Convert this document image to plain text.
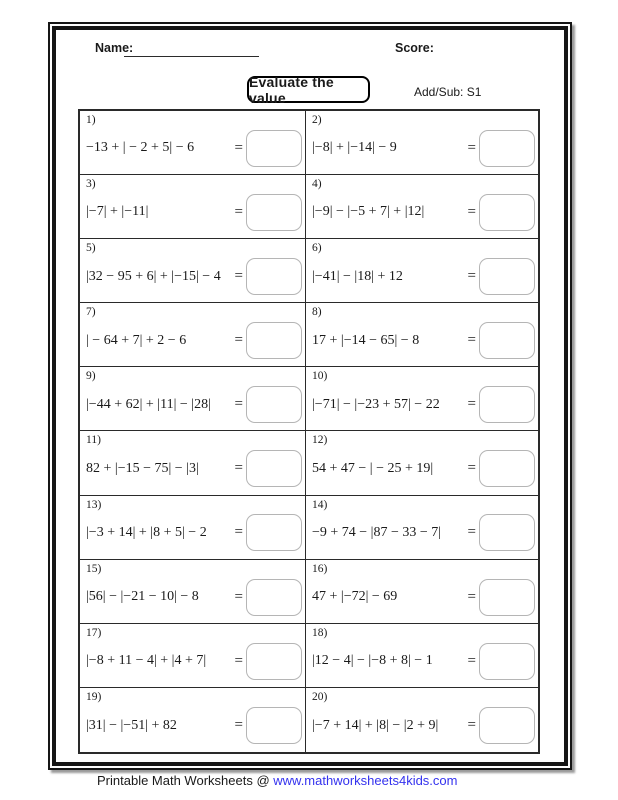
Name:	Score:
Evaluate the value	Add/Sub: S1
1)
−13 + | − 2 + 5| − 6	=
2)
|−8| + |−14| − 9	=
3)
|−7| + |−11|	=
4)
|−9| − |−5 + 7| + |12|	=
5)
|32 − 95 + 6| + |−15| − 4 =
6)
|−41| − |18| + 12	=
7)
| − 64 + 7| + 2 − 6	=
8)
17 + |−14 − 65| − 8	=
9)
|−44 + 62| + |11| − |28| =
10)
|−71| − |−23 + 57| − 22 =
11)
82 + |−15 − 75| − |3| =
12)
54 + 47 − | − 25 + 19| =
13)
|−3 + 14| + |8 + 5| − 2 =
14)
−9 + 74 − |87 − 33 − 7| =
15)
|56| − |−21 − 10| − 8 =
16)
47 + |−72| − 69	=
17)
|−8 + 11 − 4| + |4 + 7| =
18)
|12 − 4| − |−8 + 8| − 1 =
19)
|31| − |−51| + 82	=
20)
|−7 + 14| + |8| − |2 + 9| =
Printable Math Worksheets @ www.mathworksheets4kids.com
